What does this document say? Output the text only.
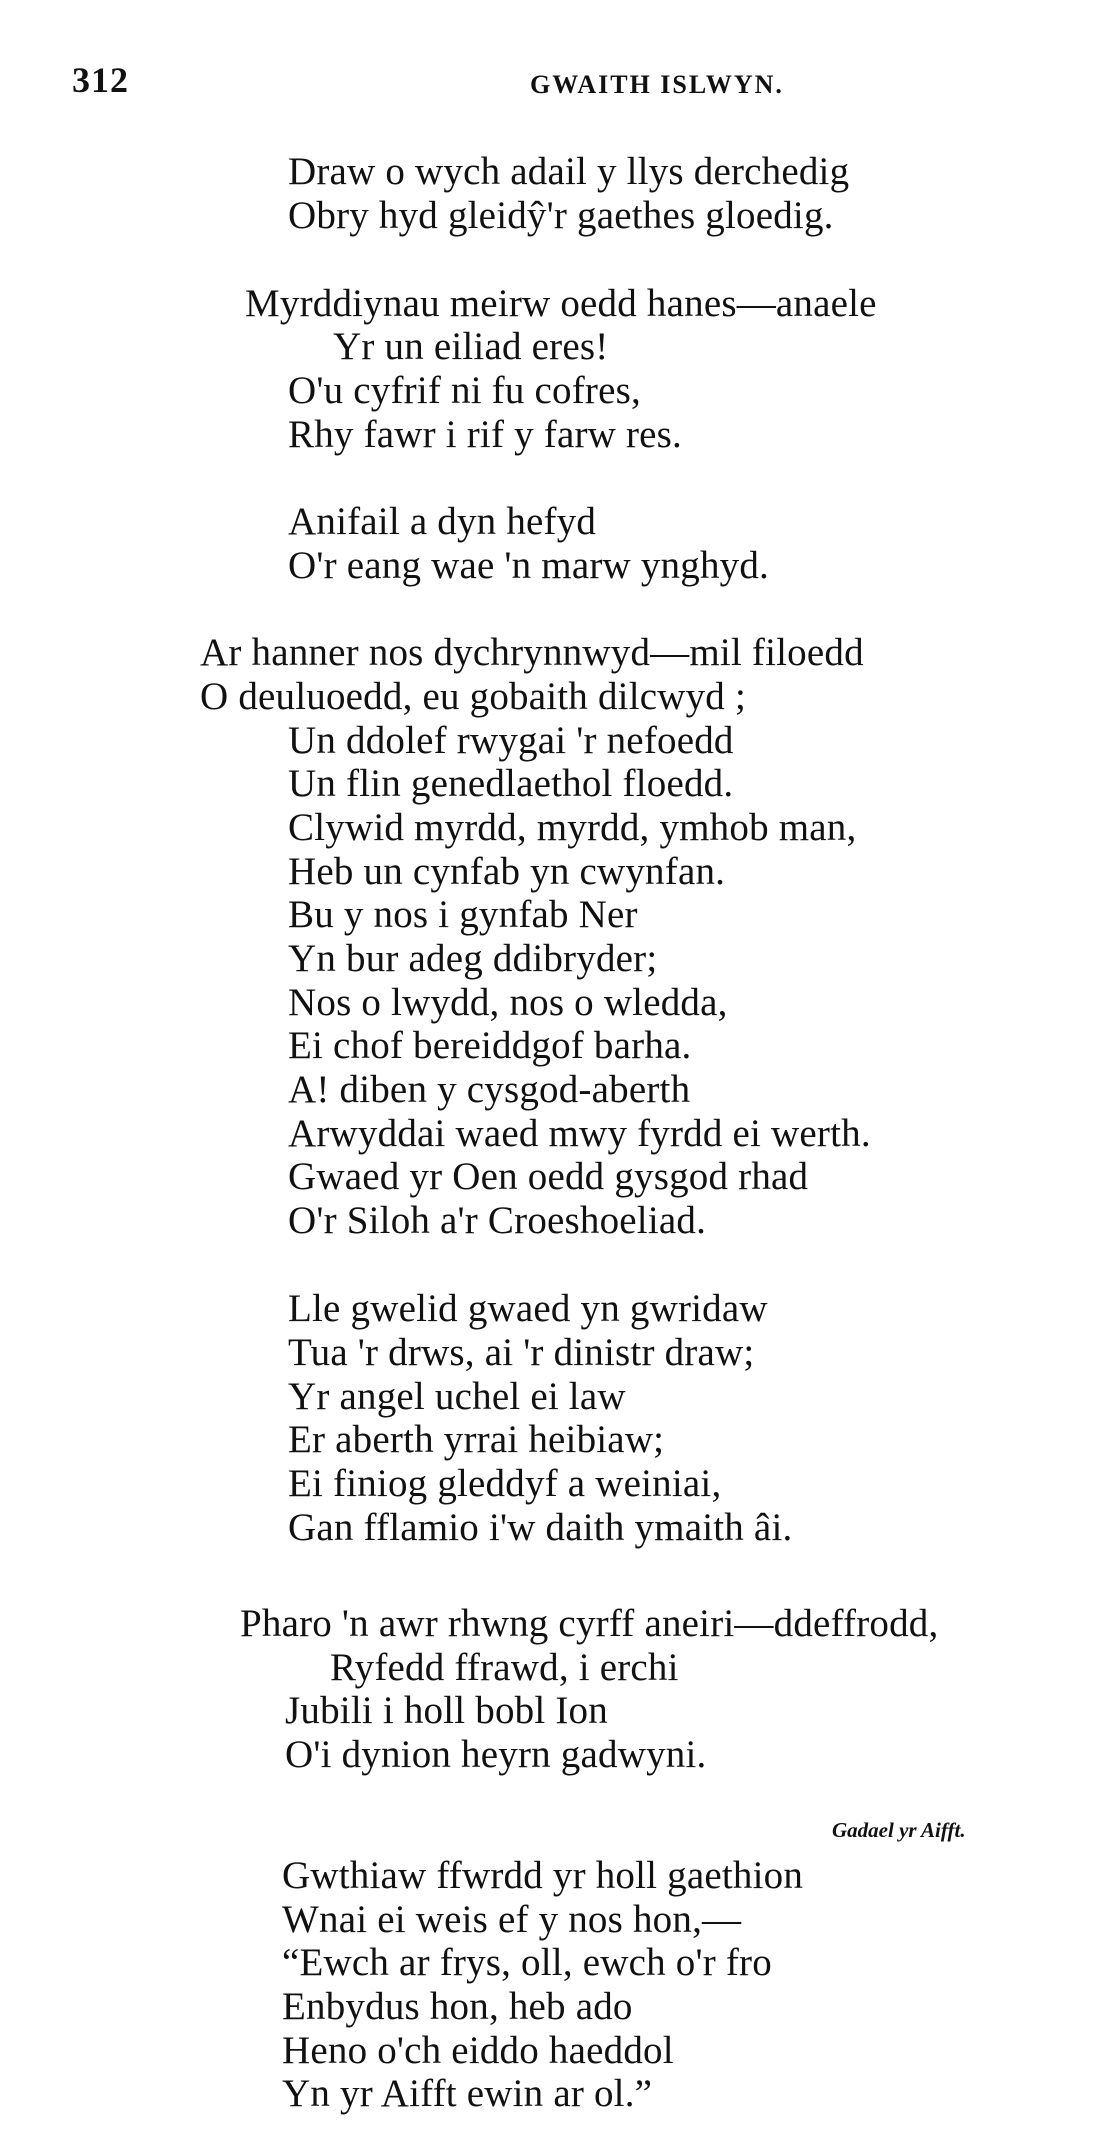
312	GWAITH ISLWYN.
Draw o wych adail y llys derchedig
Obry hyd gleidŷ'r gaethes gloedig.
Myrddiynau meirw oedd hanes—anaele
Yr un eiliad eres!
O'u cyfrif ni fu cofres,
Rhy fawr i rif y farw res.
Anifail a dyn hefyd
O'r eang wae 'n marw ynghyd.
Ar hanner nos dychrynnwyd—mil filoedd
O deuluoedd, eu gobaith dilcwyd ;
Un ddolef rwygai 'r nefoedd
Un flin genedlaethol floedd.
Clywid myrdd, myrdd, ymhob man,
Heb un cynfab yn cwynfan.
Bu y nos i gynfab Ner
Yn bur adeg ddibryder;
Nos o lwydd, nos o wledda,
Ei chof bereiddgof barha.
A! diben y cysgod-aberth
Arwyddai waed mwy fyrdd ei werth.
Gwaed yr Oen oedd gysgod rhad
O'r Siloh a'r Croeshoeliad.
Lle gwelid gwaed yn gwridaw
Tua 'r drws, ai 'r dinistr draw;
Yr angel uchel ei law
Er aberth yrrai heibiaw;
Ei finiog gleddyf a weiniai,
Gan fflamio i'w daith ymaith âi.
Pharo 'n awr rhwng cyrff aneiri—ddeffrodd,
Ryfedd ffrawd, i erchi
Jubili i holl bobl Ion
O'i dynion heyrn gadwyni.
Gadael yr Aifft.
Gwthiaw ffwrdd yr holl gaethion
Wnai ei weis ef y nos hon,—
“Ewch ar frys, oll, ewch o'r fro
Enbydus hon, heb ado
Heno o'ch eiddo haeddol
Yn yr Aifft ewin ar ol.”
